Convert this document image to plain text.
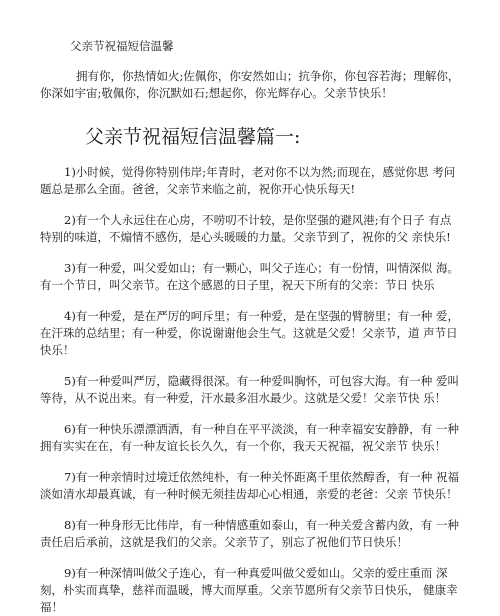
父亲节祝福短信温馨

拥有你，你热情如火;佐佩你，你安然如山；抗争你，你包容若海；理解你，你深如宇宙;敬佩你，你沉默如石;想起你，你光辉存心。父亲节快乐！

父亲节祝福短信温馨篇一:

1)小时候，觉得你特别伟岸;年青时，老对你不以为然;而现在，感觉你思 考问题总是那么全面。爸爸，父亲节来临之前，祝你开心快乐每天!

2)有一个人永远住在心房，不唠叨不计较，是你坚强的避风港;有个日子 有点特别的味道，不煽情不感伤，是心头暖暖的力量。父亲节到了，祝你的父 亲快乐!

3)有一种爱，叫父爱如山；有一颗心，叫父子连心；有一份情，叫情深似 海。有一个节日，叫父亲节。在这个感恩的日子里，祝天下所有的父亲：节日 快乐

4)有一种爱，是在严厉的呵斥里；有一种爱，是在坚强的臂膀里；有一种 爱，在汗珠的总结里；有一种爱，你说谢谢他会生气。这就是父爱！父亲节，道 声节日快乐！

5)有一种爱叫严厉，隐藏得很深。有一种爱叫胸怀，可包容大海。有一种 爱叫等待，从不说出来。有一种爱，汗水最多泪水最少。这就是父爱！父亲节快 乐！

6)有一种快乐漂漂洒洒，有一种自在平平淡淡，有一种幸福安安静静，有 一种拥有实实在在，有一种友谊长长久久，有一个你，我天天祝福，祝父亲节 快乐！

7)有一种亲情时过境迁依然纯朴，有一种关怀距离千里依然醇香，有一种 祝福淡如清水却最真诚，有一种时候无须挂齿却心心相通，亲爱的老爸：父亲 节快乐！

8)有一种身形无比伟岸，有一种情感重如泰山，有一种关爱含蓄内敛，有 一种责任启后承前，这就是我们的父亲。父亲节了，别忘了祝他们节日快乐！

9)有一种深情叫做父子连心，有一种真爱叫做父爱如山。父亲的爱庄重而 深刻，朴实而真挚，慈祥而温暖，博大而厚重。父亲节愿所有父亲节日快乐， 健康幸福！
